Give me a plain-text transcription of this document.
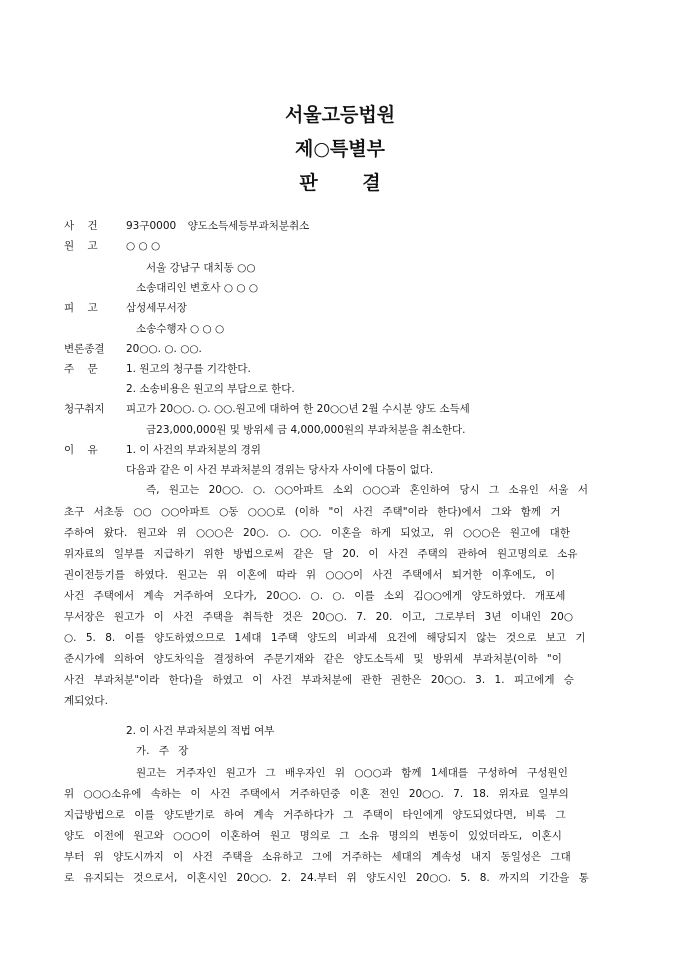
서울고등법원
제○특별부
판 결
사 건	93구0000 양도소득세등부과처분취소
원 고	○ ○ ○
서울 강남구 대치동 ○○
소송대리인 변호사 ○ ○ ○
피 고	삼성세무서장
소송수행자 ○ ○ ○
변론종결 20○○. ○. ○○.
주 문	1. 원고의 청구를 기각한다.
2. 소송비용은 원고의 부담으로 한다.
청구취지 피고가 20○○. ○. ○○.원고에 대하여 한 20○○년 2월 수시분 양도 소득세
금23,000,000원 및 방위세 금 4,000,000원의 부과처분을 취소한다.
이 유	1. 이 사건의 부과처분의 경위
다음과 같은 이 사건 부과처분의 경위는 당사자 사이에 다툼이 없다.
즉, 원고는 20○○. ○. ○○아파트 소외 ○○○과 혼인하여 당시 그 소유인 서울 서
초구 서초동 ○○ ○○아파트 ○동 ○○○로 (이하 "이 사건 주택"이라 한다)에서 그와 함께 거
주하여 왔다. 원고와 위 ○○○은 20○. ○. ○○. 이혼을 하게 되었고, 위 ○○○은 원고에 대한
위자료의 일부를 지급하기 위한 방법으로써 같은 달 20. 이 사건 주택의 관하여 원고명의로 소유
권이전등기를 하였다. 원고는 위 이혼에 따라 위 ○○○이 사건 주택에서 퇴거한 이후에도, 이
사건 주택에서 계속 거주하여 오다가, 20○○. ○. ○. 이를 소외 김○○에게 양도하였다. 개포세
무서장은 원고가 이 사건 주택을 취득한 것은 20○○. 7. 20. 이고, 그로부터 3년 이내인 20○
○. 5. 8. 이를 양도하였으므로 1세대 1주택 양도의 비과세 요건에 해당되지 않는 것으로 보고 기
준시가에 의하여 양도차익을 결정하여 주문기재와 같은 양도소득세 및 방위세 부과처분(이하 "이
사건 부과처분"이라 한다)을 하였고 이 사건 부과처분에 관한 권한은 20○○. 3. 1. 피고에게 승
계되었다.
2. 이 사건 부과처분의 적법 여부
가. 주 장
원고는 거주자인 원고가 그 배우자인 위 ○○○과 함께 1세대를 구성하여 구성원인
위 ○○○소유에 속하는 이 사건 주택에서 거주하던중 이혼 전인 20○○. 7. 18. 위자료 일부의
지급방법으로 이를 양도받기로 하여 계속 거주하다가 그 주택이 타인에게 양도되었다면, 비록 그
양도 이전에 원고와 ○○○이 이혼하여 원고 명의로 그 소유 명의의 변동이 있었더라도, 이혼시
부터 위 양도시까지 이 사건 주택을 소유하고 그에 거주하는 세대의 계속성 내지 동일성은 그대
로 유지되는 것으로서, 이혼시인 20○○. 2. 24.부터 위 양도시인 20○○. 5. 8. 까지의 기간을 통
